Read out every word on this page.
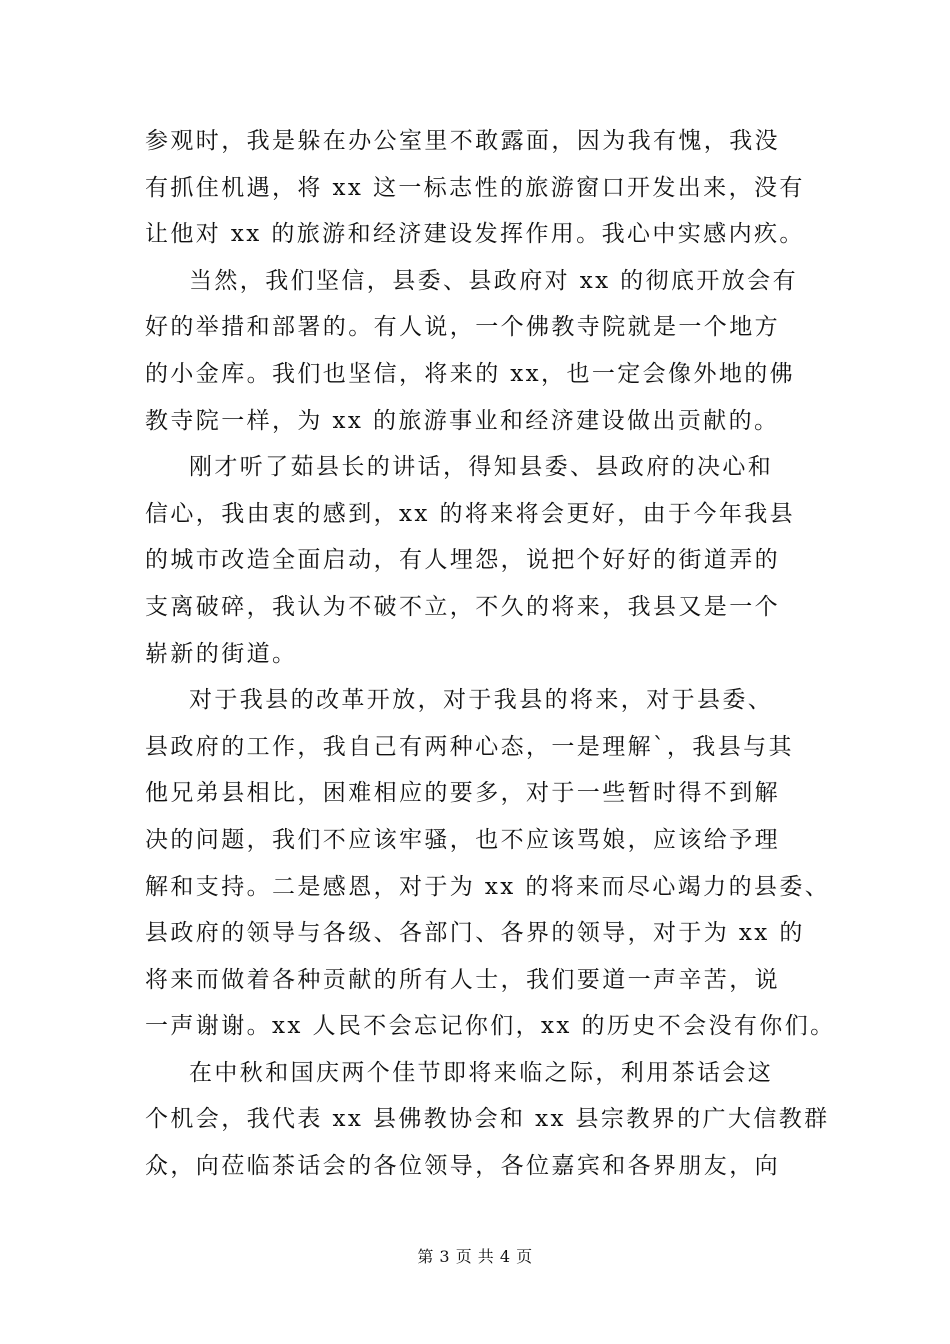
参观时，我是躲在办公室里不敢露面，因为我有愧，我没
有抓住机遇，将 xx 这一标志性的旅游窗口开发出来，没有
让他对 xx 的旅游和经济建设发挥作用。我心中实感内疚。
当然，我们坚信，县委、县政府对 xx 的彻底开放会有
好的举措和部署的。有人说，一个佛教寺院就是一个地方
的小金库。我们也坚信，将来的 xx，也一定会像外地的佛
教寺院一样，为 xx 的旅游事业和经济建设做出贡献的。
刚才听了茹县长的讲话，得知县委、县政府的决心和
信心，我由衷的感到，xx 的将来将会更好，由于今年我县
的城市改造全面启动，有人埋怨，说把个好好的街道弄的
支离破碎，我认为不破不立，不久的将来，我县又是一个
崭新的街道。
对于我县的改革开放，对于我县的将来，对于县委、
县政府的工作，我自己有两种心态，一是理解`，我县与其
他兄弟县相比，困难相应的要多，对于一些暂时得不到解
决的问题，我们不应该牢骚，也不应该骂娘，应该给予理
解和支持。二是感恩，对于为 xx 的将来而尽心竭力的县委、
县政府的领导与各级、各部门、各界的领导，对于为 xx 的
将来而做着各种贡献的所有人士，我们要道一声辛苦，说
一声谢谢。xx 人民不会忘记你们，xx 的历史不会没有你们。
在中秋和国庆两个佳节即将来临之际，利用茶话会这
个机会，我代表 xx 县佛教协会和 xx 县宗教界的广大信教群
众，向莅临茶话会的各位领导，各位嘉宾和各界朋友，向
第 3 页 共 4 页
